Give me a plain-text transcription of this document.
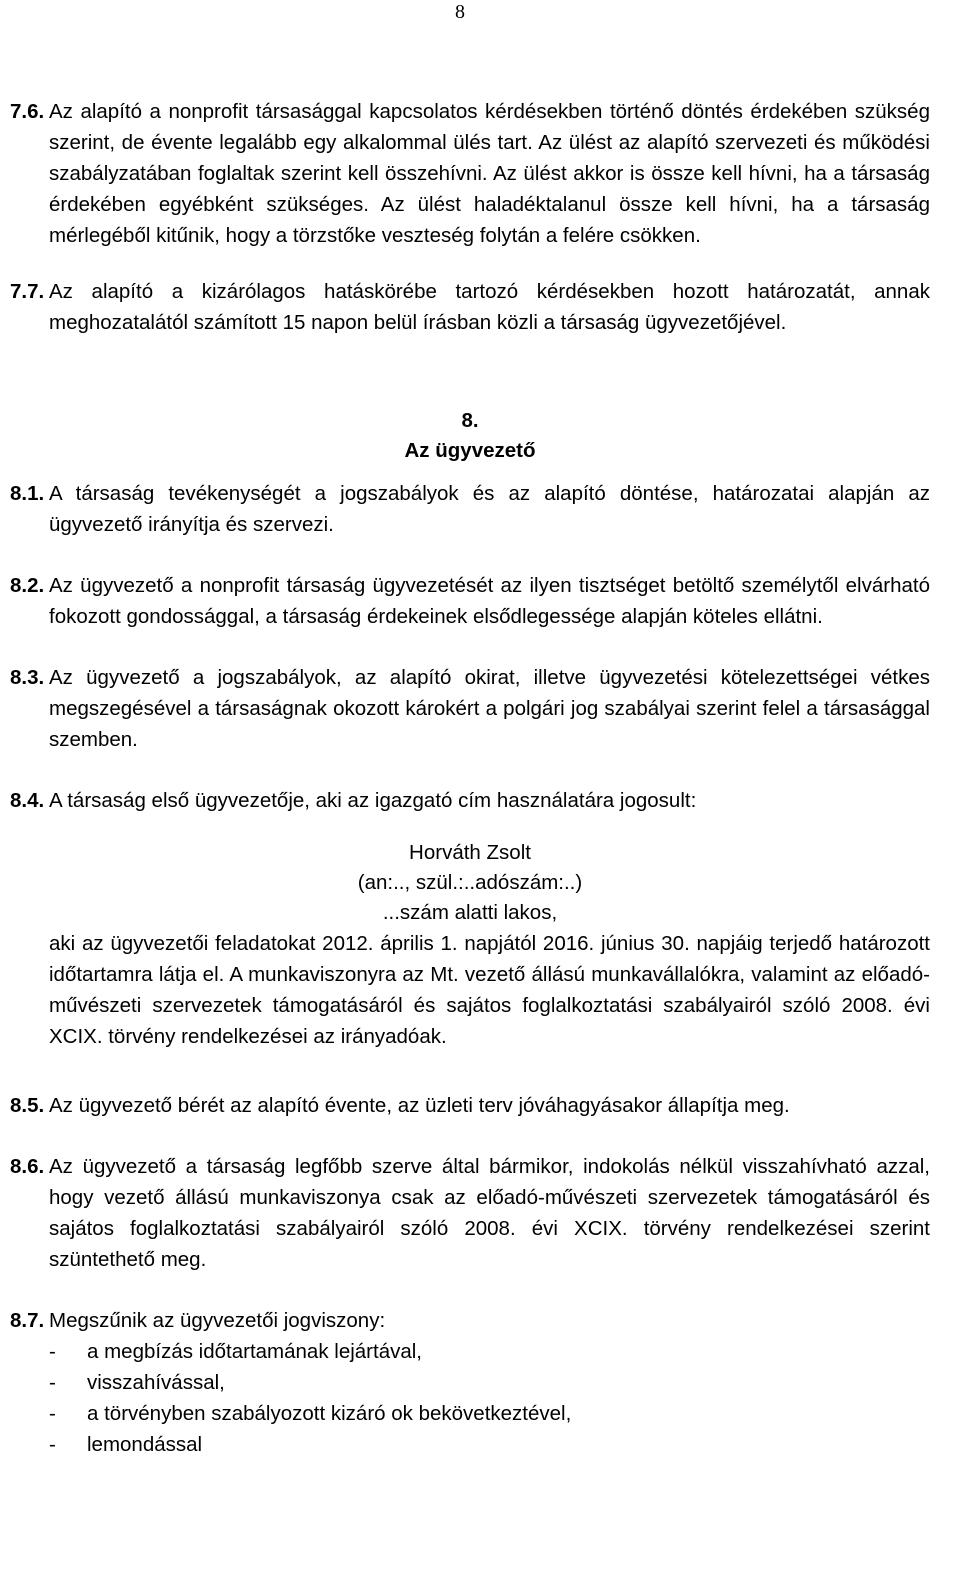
8
7.6. Az alapító a nonprofit társasággal kapcsolatos kérdésekben történő döntés érdekében szükség szerint, de évente legalább egy alkalommal ülés tart. Az ülést az alapító szervezeti és működési szabályzatában foglaltak szerint kell összehívni. Az ülést akkor is össze kell hívni, ha a társaság érdekében egyébként szükséges. Az ülést haladéktalanul össze kell hívni, ha a társaság mérlegéből kitűnik, hogy a törzstőke veszteség folytán a felére csökken.
7.7. Az alapító a kizárólagos hatáskörébe tartozó kérdésekben hozott határozatát, annak meghozatalától számított 15 napon belül írásban közli a társaság ügyvezetőjével.
8.
Az ügyvezető
8.1. A társaság tevékenységét a jogszabályok és az alapító döntése, határozatai alapján az ügyvezető irányítja és szervezi.
8.2. Az ügyvezető a nonprofit társaság ügyvezetését az ilyen tisztséget betöltő személytől elvárható fokozott gondossággal, a társaság érdekeinek elsődlegessége alapján köteles ellátni.
8.3. Az ügyvezető a jogszabályok, az alapító okirat, illetve ügyvezetési kötelezettségei vétkes megszegésével a társaságnak okozott károkért a polgári jog szabályai szerint felel a társasággal szemben.
8.4. A társaság első ügyvezetője, aki az igazgató cím használatára jogosult:
Horváth Zsolt
(an:.., szül.:..adószám:..)
...szám alatti lakos,
aki az ügyvezetői feladatokat 2012. április 1. napjától 2016. június 30. napjáig terjedő határozott időtartamra látja el. A munkaviszonyra az Mt. vezető állású munkavállalókra, valamint az előadó-művészeti szervezetek támogatásáról és sajátos foglalkoztatási szabályairól szóló 2008. évi XCIX. törvény rendelkezései az irányadóak.
8.5. Az ügyvezető bérét az alapító évente, az üzleti terv jóváhagyásakor állapítja meg.
8.6. Az ügyvezető a társaság legfőbb szerve által bármikor, indokolás nélkül visszahívható azzal, hogy vezető állású munkaviszonya csak az előadó-művészeti szervezetek támogatásáról és sajátos foglalkoztatási szabályairól szóló 2008. évi XCIX. törvény rendelkezései szerint szüntethető meg.
8.7. Megszűnik az ügyvezetői jogviszony:
-	a megbízás időtartamának lejártával,
-	visszahívással,
-	a törvényben szabályozott kizáró ok bekövetkeztével,
-	lemondással
